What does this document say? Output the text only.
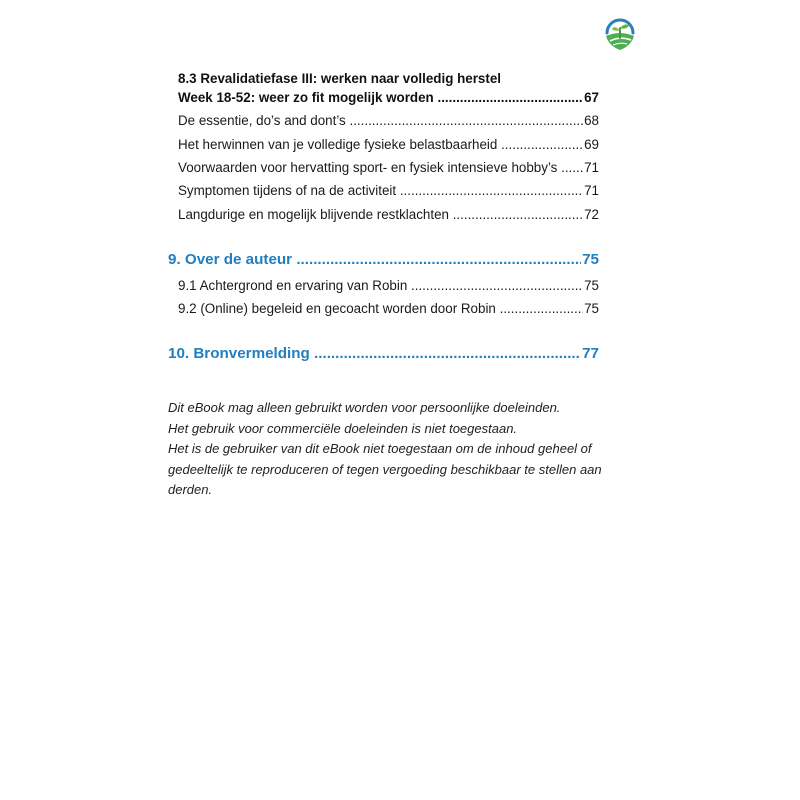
8.3 Revalidatiefase III: werken naar volledig herstel
Week 18-52: weer zo fit mogelijk worden .....	67
De essentie, do’s and dont’s .....	68
Het herwinnen van je volledige fysieke belastbaarheid .....	69
Voorwaarden voor hervatting sport- en fysiek intensieve hobby’s ..... 71
Symptomen tijdens of na de activiteit .....	71
Langdurige en mogelijk blijvende restklachten .....	72
9. Over de auteur .....	75
9.1 Achtergrond en ervaring van Robin .....	75
9.2 (Online) begeleid en gecoacht worden door Robin .....	75
10. Bronvermelding .....	77

Dit eBook mag alleen gebruikt worden voor persoonlijke doeleinden.

Het gebruik voor commerciële doeleinden is niet toegestaan.

Het is de gebruiker van dit eBook niet toegestaan om de inhoud geheel of gedeeltelijk te reproduceren of tegen vergoeding beschikbaar te stellen aan derden.
